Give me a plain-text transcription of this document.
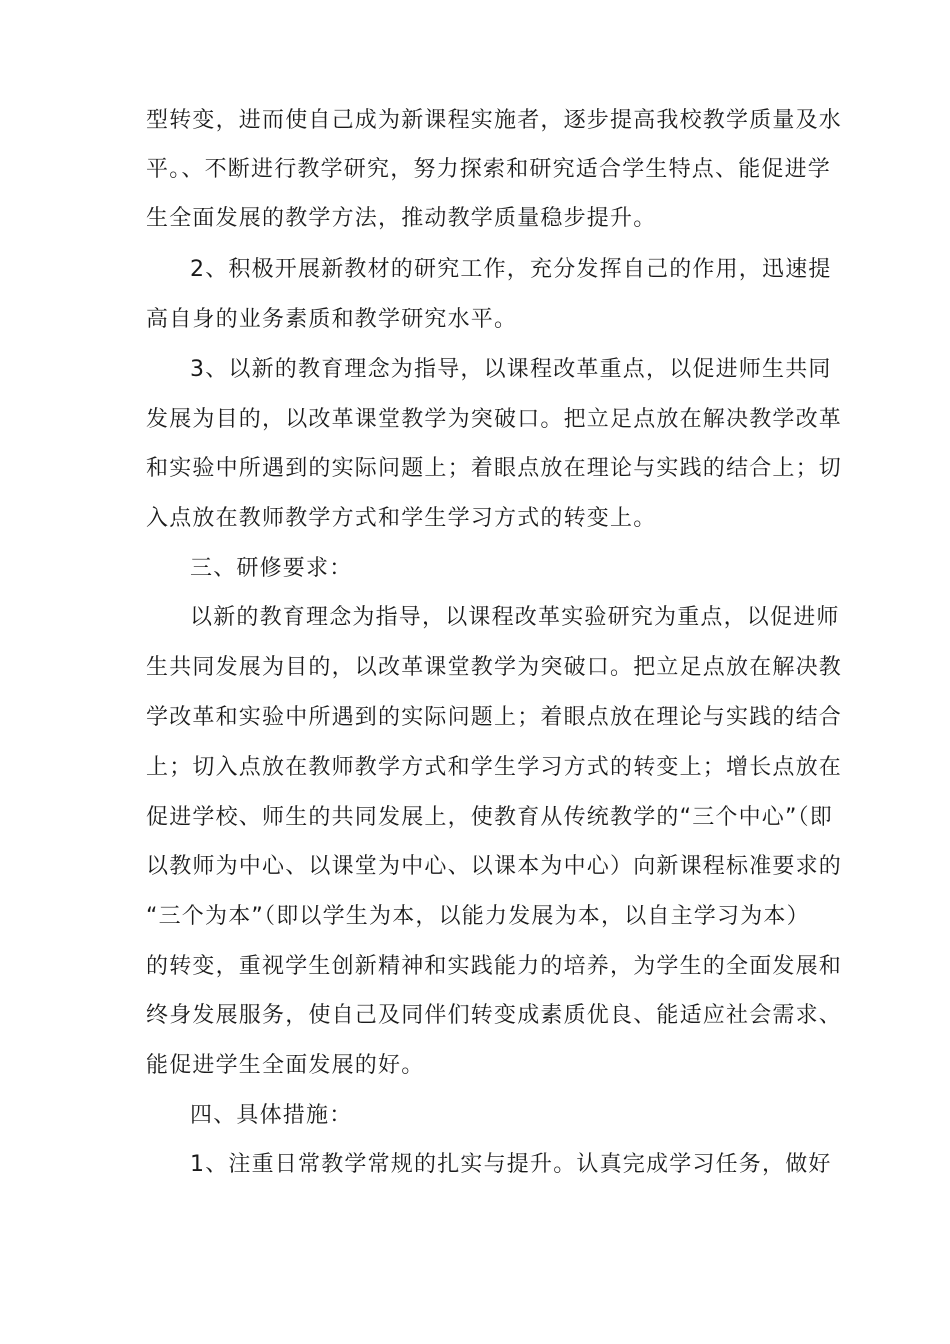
型转变，进而使自己成为新课程实施者，逐步提高我校教学质量及水
平。、不断进行教学研究，努力探索和研究适合学生特点、能促进学
生全面发展的教学方法，推动教学质量稳步提升。
2、积极开展新教材的研究工作，充分发挥自己的作用，迅速提
高自身的业务素质和教学研究水平。
3、以新的教育理念为指导，以课程改革重点，以促进师生共同
发展为目的，以改革课堂教学为突破口。把立足点放在解决教学改革
和实验中所遇到的实际问题上；着眼点放在理论与实践的结合上；切
入点放在教师教学方式和学生学习方式的转变上。
三、研修要求：
以新的教育理念为指导，以课程改革实验研究为重点，以促进师
生共同发展为目的，以改革课堂教学为突破口。把立足点放在解决教
学改革和实验中所遇到的实际问题上；着眼点放在理论与实践的结合
上；切入点放在教师教学方式和学生学习方式的转变上；增长点放在
促进学校、师生的共同发展上，使教育从传统教学的“三个中心”（即
以教师为中心、以课堂为中心、以课本为中心）向新课程标准要求的
“三个为本”（即以学生为本，以能力发展为本，以自主学习为本）
的转变，重视学生创新精神和实践能力的培养，为学生的全面发展和
终身发展服务，使自己及同伴们转变成素质优良、能适应社会需求、
能促进学生全面发展的好。
四、具体措施：
1、注重日常教学常规的扎实与提升。认真完成学习任务，做好
